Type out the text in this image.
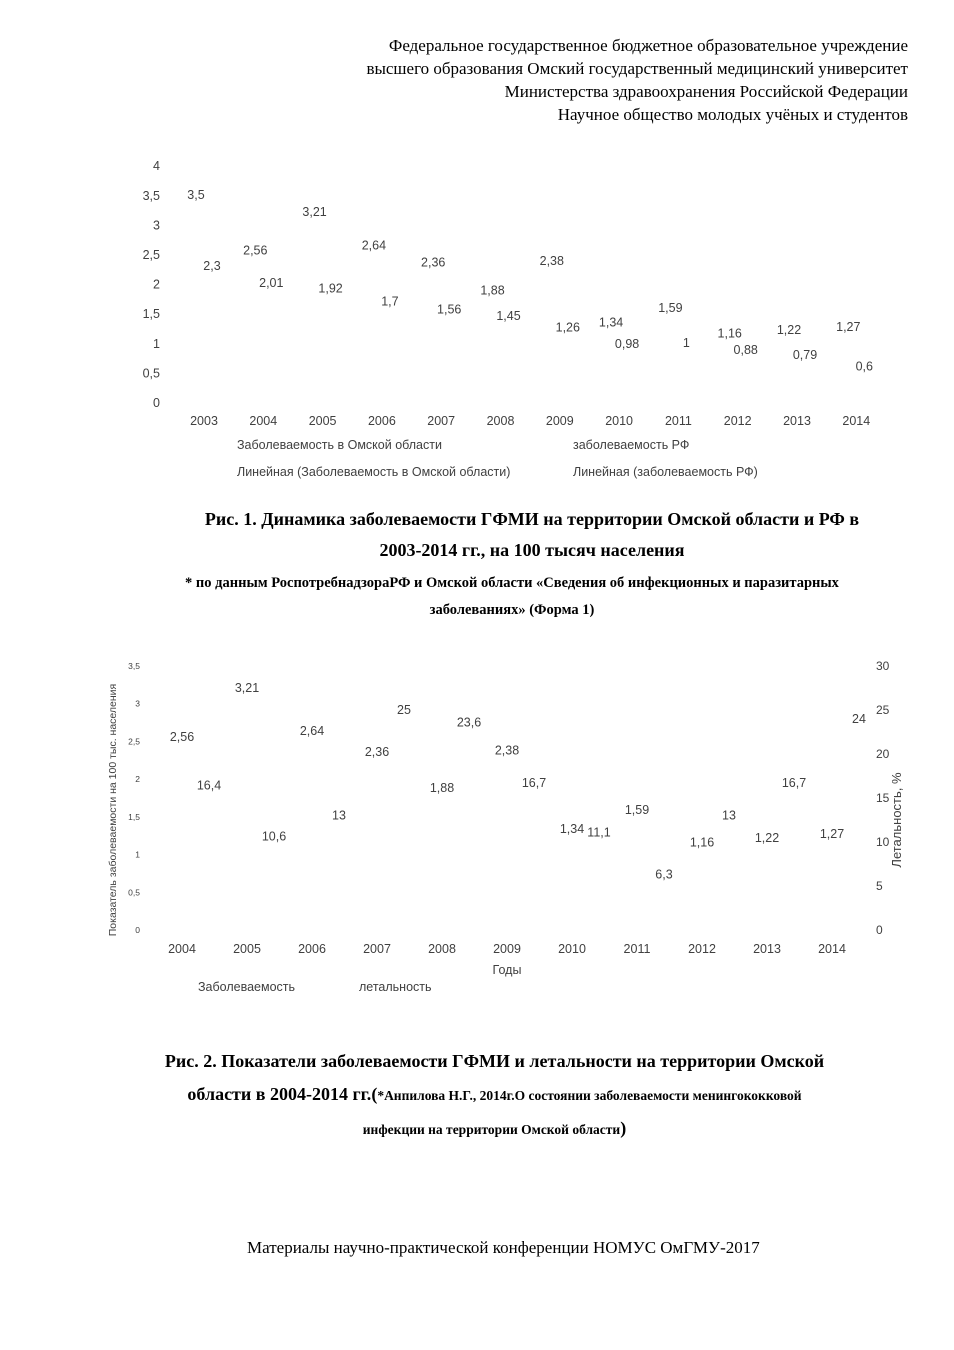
Федеральное государственное бюджетное образовательное учреждение
высшего образования Омский государственный медицинский университет
Министерства здравоохранения Российской Федерации
Научное общество молодых учёных и студентов
0
0,5
1
1,5
2
2,5
3
3,5
4
2003	2004	2005	2006	2007	2008	2009	2010	2011	2012	2013	2014
3,5
2,56
3,21
2,64
2,36
1,88
2,38
1,34
1,59
1,16	1,22	1,27
2,3
2,01	1,92
1,7
1,56	1,45
1,26
0,98	1
0,88	0,79
0,6
Заболеваемость в Омской области	заболеваемость РФ
Линейная (Заболеваемость в Омской области)	Линейная (заболеваемость РФ)
Рис. 1. Динамика заболеваемости ГФМИ на территории Омской области и РФ в
2003-2014 гг., на 100 тысяч населения
* по данным РоспотребнадзораРФ и Омской области «Сведения об инфекционных и паразитарных
заболеваниях» (Форма 1)
0
0,5
1
1,5
2
2,5
3
3,5
0
5
10
15
20
25
30
2004	2005	2006	2007	2008	2009	2010	2011	2012	2013	2014
Годы
Показатель заболеваемости на 100 тыс. населения	Летальность, %
2,56
3,21
2,64
2,36
1,88
2,38
1,34
1,59
1,16	1,22	1,27
16,4
10,6
13
25
23,6
16,7
11,1
6,3
13
16,7
24
Заболеваемость	летальность
Рис. 2. Показатели заболеваемости ГФМИ и летальности на территории Омской
области в 2004-2014 гг.(*Анпилова Н.Г., 2014г.О состоянии заболеваемости менингококковой
инфекции на территории Омской области)
Материалы научно-практической конференции НОМУС ОмГМУ-2017
